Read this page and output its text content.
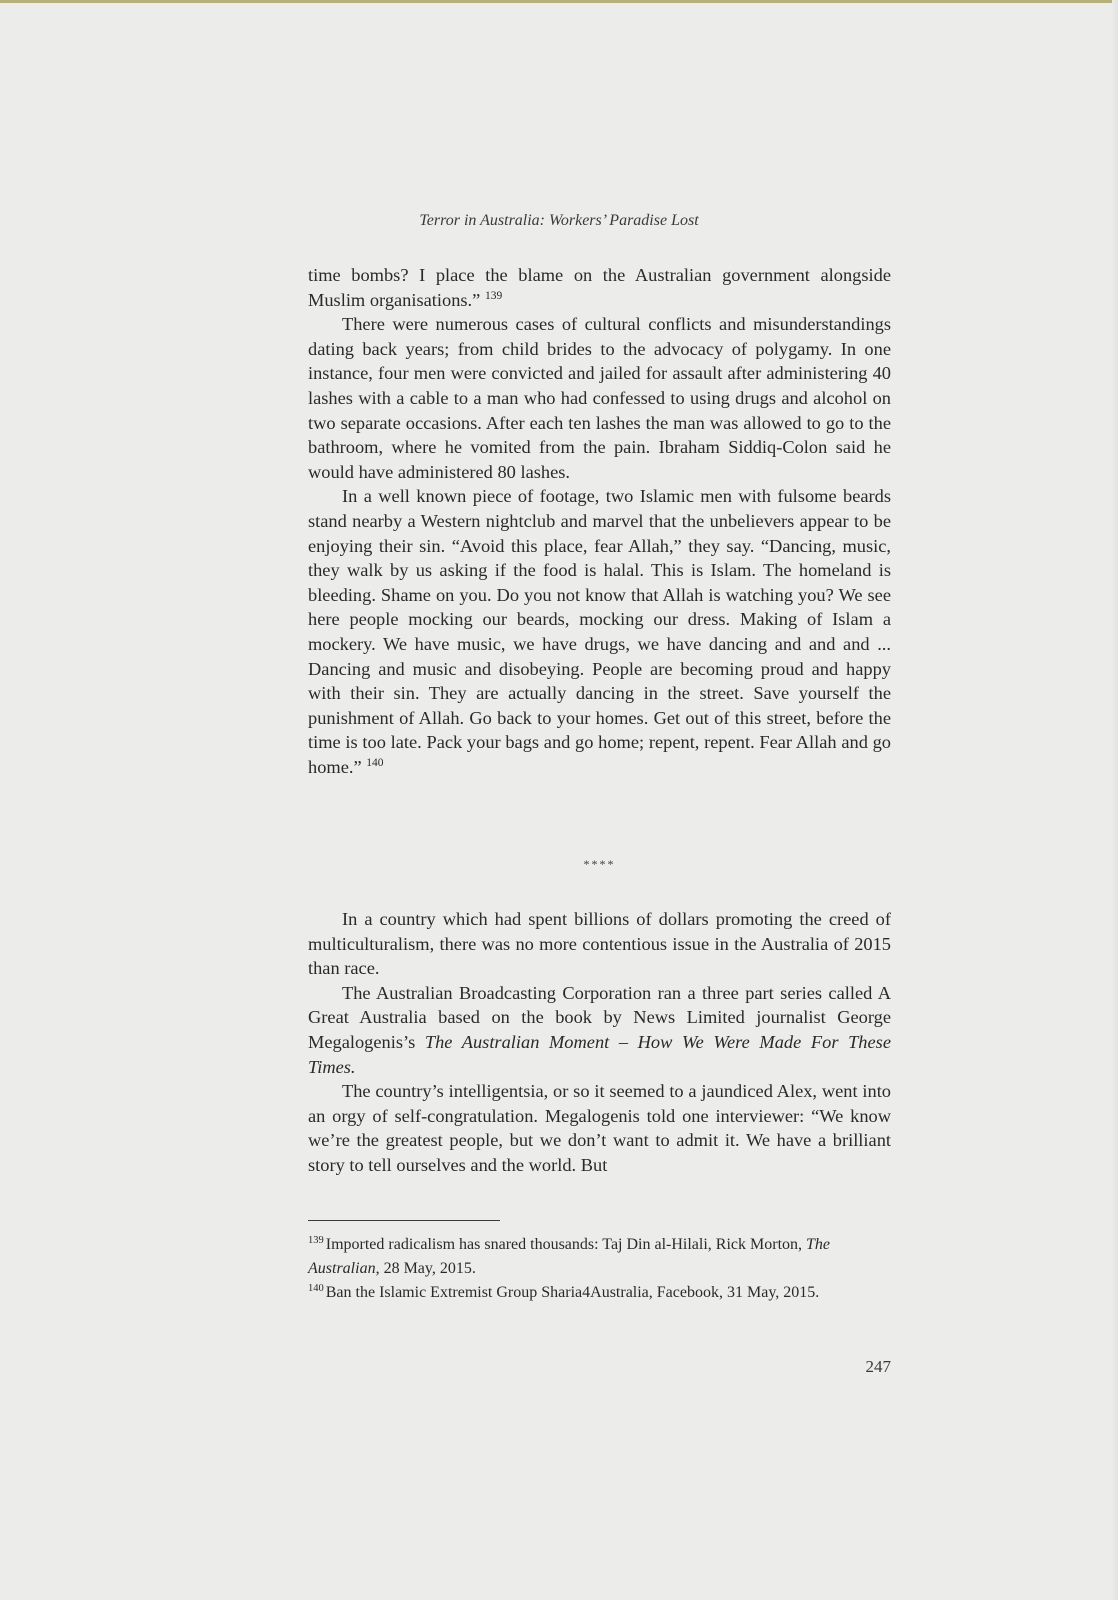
Terror in Australia: Workers’ Paradise Lost

time bombs? I place the blame on the Australian government alongside Muslim organisations.” $^{139}$

There were numerous cases of cultural conflicts and misunderstandings dating back years; from child brides to the advocacy of polygamy. In one instance, four men were convicted and jailed for assault after administering 40 lashes with a cable to a man who had confessed to using drugs and alcohol on two separate occasions. After each ten lashes the man was allowed to go to the bathroom, where he vomited from the pain. Ibraham Siddiq-Colon said he would have administered 80 lashes.

In a well known piece of footage, two Islamic men with fulsome beards stand nearby a Western nightclub and marvel that the unbelievers appear to be enjoying their sin. “Avoid this place, fear Allah,” they say. “Dancing, music, they walk by us asking if the food is halal. This is Islam. The homeland is bleeding. Shame on you. Do you not know that Allah is watching you? We see here people mocking our beards, mocking our dress. Making of Islam a mockery. We have music, we have drugs, we have dancing and and and ... Dancing and music and disobeying. People are becoming proud and happy with their sin. They are actually dancing in the street. Save yourself the punishment of Allah. Go back to your homes. Get out of this street, before the time is too late. Pack your bags and go home; repent, repent. Fear Allah and go home.” $^{140}$

****

In a country which had spent billions of dollars promoting the creed of multiculturalism, there was no more contentious issue in the Australia of 2015 than race.

The Australian Broadcasting Corporation ran a three part series called A Great Australia based on the book by News Limited journalist George Megalogenis’s The Australian Moment – How We Were Made For These Times.

The country’s intelligentsia, or so it seemed to a jaundiced Alex, went into an orgy of self-congratulation. Megalogenis told one interviewer: “We know we’re the greatest people, but we don’t want to admit it. We have a brilliant story to tell ourselves and the world. But

$^{139}$ Imported radicalism has snared thousands: Taj Din al-Hilali, Rick Morton, The Australian, 28 May, 2015.

$^{140}$ Ban the Islamic Extremist Group Sharia4Australia, Facebook, 31 May, 2015.

247
